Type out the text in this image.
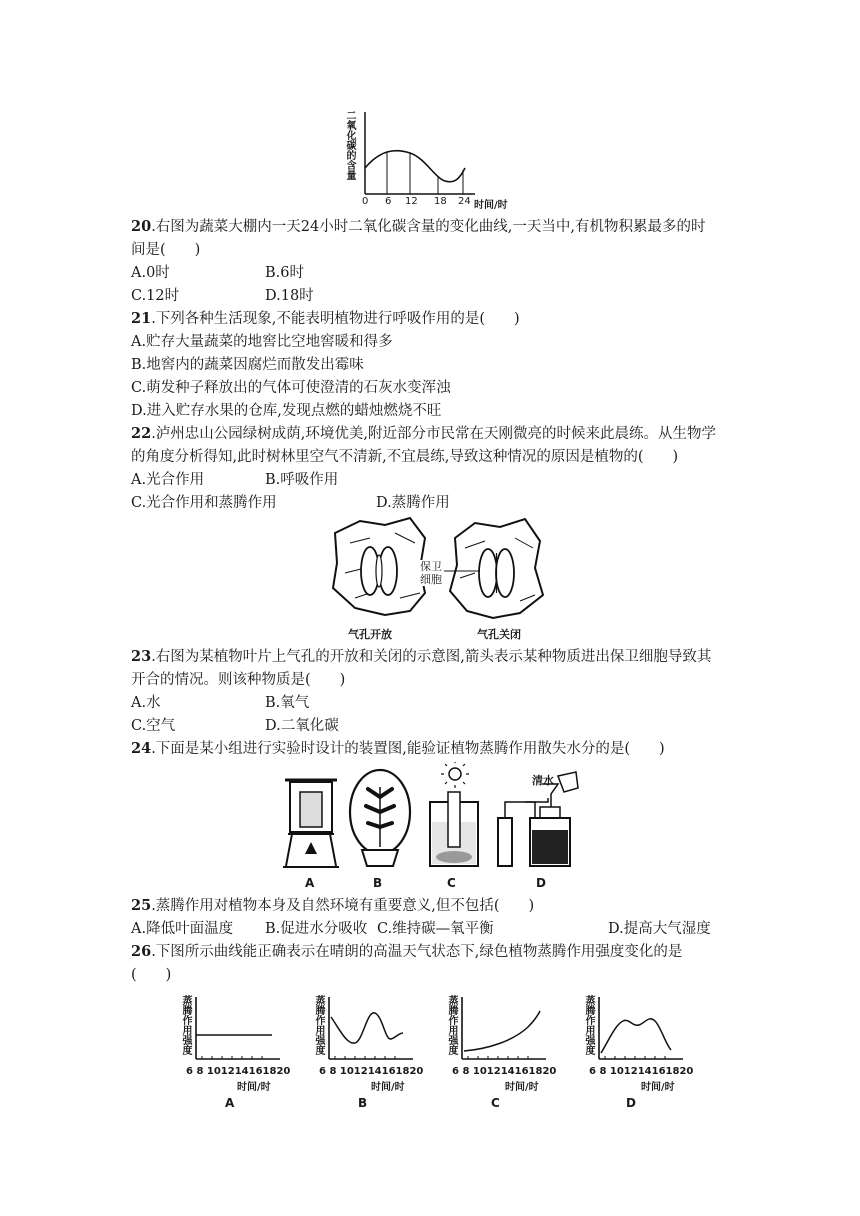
二氧化碳的含量
0 6 12 18 24 时间/时
20.右图为蔬菜大棚内一天24小时二氧化碳含量的变化曲线,一天当中,有机物积累最多的时
间是(　　)
A.0时	B.6时
C.12时	D.18时
21.下列各种生活现象,不能表明植物进行呼吸作用的是(　　)
A.贮存大量蔬菜的地窖比空地窖暖和得多
B.地窖内的蔬菜因腐烂而散发出霉味
C.萌发种子释放出的气体可使澄清的石灰水变浑浊
D.进入贮存水果的仓库,发现点燃的蜡烛燃烧不旺
22.泸州忠山公园绿树成荫,环境优美,附近部分市民常在天刚微亮的时候来此晨练。从生物学
的角度分析得知,此时树林里空气不清新,不宜晨练,导致这种情况的原因是植物的(　　)
A.光合作用	B.呼吸作用
C.光合作用和蒸腾作用	D.蒸腾作用
保卫细胞
气孔开放	气孔关闭
23.右图为某植物叶片上气孔的开放和关闭的示意图,箭头表示某种物质进出保卫细胞导致其
开合的情况。则该种物质是(　　)
A.水	B.氧气
C.空气	D.二氧化碳
24.下面是某小组进行实验时设计的装置图,能验证植物蒸腾作用散失水分的是(　　)
清水
A	B	C	D
25.蒸腾作用对植物本身及自然环境有重要意义,但不包括(　　)
A.降低叶面温度 B.促进水分吸收 C.维持碳—氧平衡	D.提高大气湿度
26.下图所示曲线能正确表示在晴朗的高温天气状态下,绿色植物蒸腾作用强度变化的是
(　　)
蒸腾作用强度	蒸腾作用强度	蒸腾作用强度	蒸腾作用强度
6 8 101214161820
时间/时
6 8 101214161820
时间/时
6 8 101214161820
时间/时
6 8 101214161820
时间/时
A	B	C	D
